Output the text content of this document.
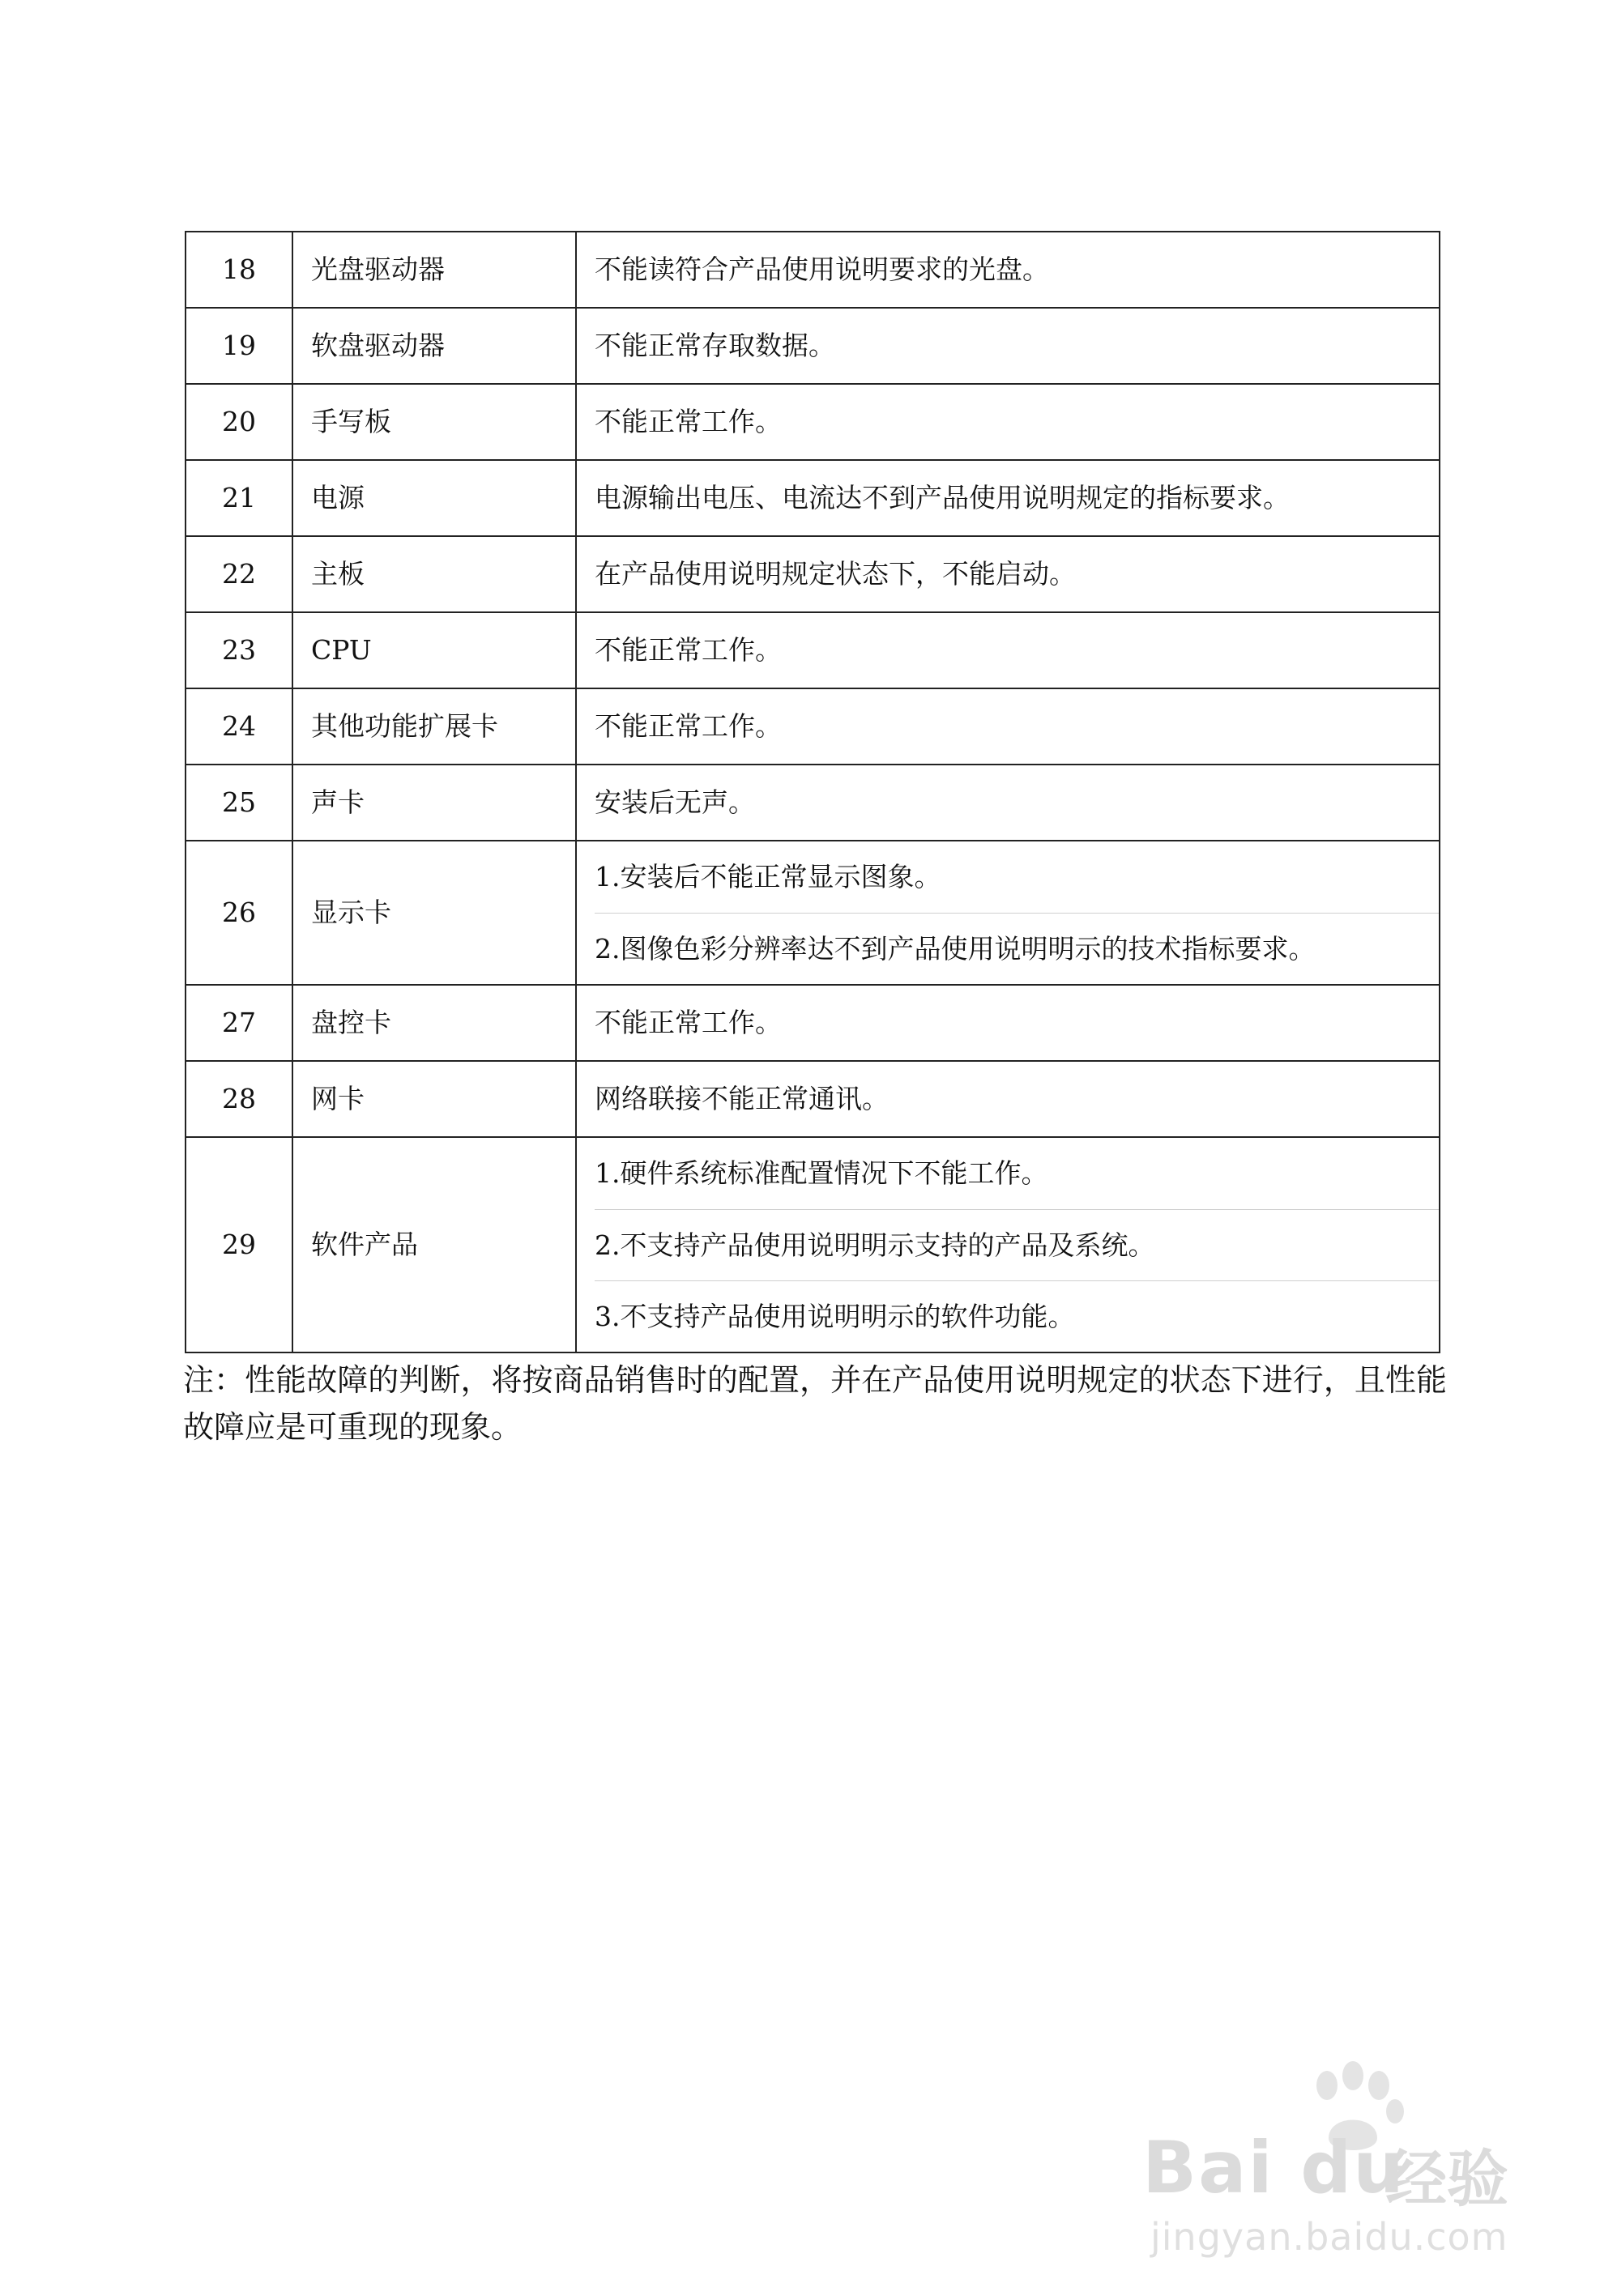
18	光盘驱动器	不能读符合产品使用说明要求的光盘。

19	软盘驱动器	不能正常存取数据。

20	手写板	不能正常工作。

21	电源	电源输出电压、电流达不到产品使用说明规定的指标要求。

22	主板	在产品使用说明规定状态下，不能启动。

23	CPU	不能正常工作。

24	其他功能扩展卡	不能正常工作。

25	声卡	安装后无声。

26	显示卡	1.安装后不能正常显示图象。
2.图像色彩分辨率达不到产品使用说明明示的技术指标要求。

27	盘控卡	不能正常工作。

28	网卡	网络联接不能正常通讯。

29	软件产品	1.硬件系统标准配置情况下不能工作。
2.不支持产品使用说明明示支持的产品及系统。
3.不支持产品使用说明明示的软件功能。
注：性能故障的判断，将按商品销售时的配置，并在产品使用说明规定的状态下进行，且性能故障应是可重现的现象。
Bai du
经验
jingyan.baidu.com
